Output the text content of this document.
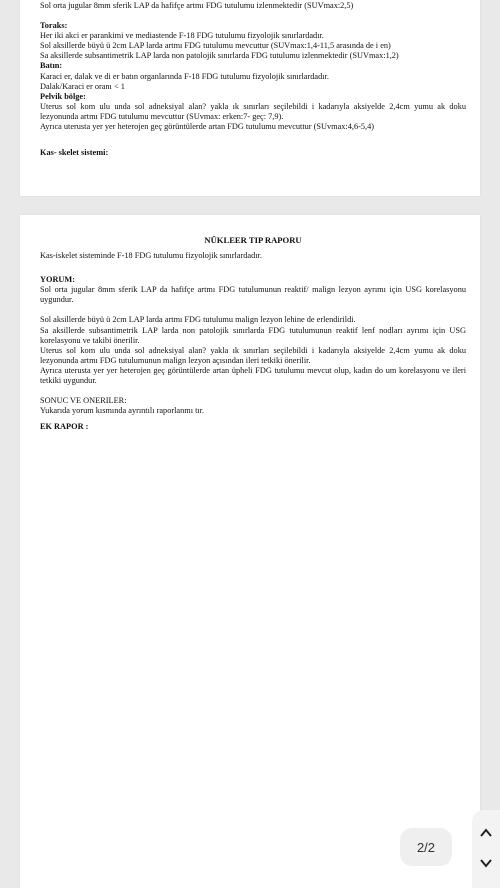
Sol orta jugular 8mm sferik LAP da hafifçe artmı FDG tutulumu izlenmektedir (SUVmax:2,5)

Toraks:

Her iki akci er parankimi ve mediastende F-18 FDG tutulumu fizyolojik sınırlardadır.

Sol aksillerde büyü ü 2cm LAP larda artmı FDG tutulumu mevcuttur (SUVmax:1,4-11,5 arasında de i en)

Sa aksillerde subsantimetrik LAP larda non patolojik sınırlarda FDG tutulumu izlenmektedir (SUVmax:1,2)

Batın:

Karaci er, dalak ve di er batın organlarında F-18 FDG tutulumu fizyolojik sınırlardadır.

Dalak/Karaci er oranı < 1

Pelvik bölge:

Uterus sol kom ulu unda sol adneksiyal alan? yakla ık sınırları seçilebildi i kadarıyla aksiyelde 2,4cm yumu ak doku lezyonunda artmı FDG tutulumu mevcuttur (SUvmax: erken:7- geç: 7,9).

Ayrıca uterusta yer yer heterojen geç görüntülerde artan FDG tutulumu mevcuttur (SUvmax:4,6-5,4)

Kas- skelet sistemi:

NÜKLEER TIP RAPORU

Kas-iskelet sisteminde F-18 FDG tutulumu fizyolojik sınırlardadır.

YORUM:

Sol orta jugular 8mm sferik LAP da hafifçe artmı FDG tutulumunun reaktif/ malign lezyon ayrımı için USG korelasyonu uygundur.

Sol aksillerde büyü ü 2cm LAP larda artmı FDG tutulumu malign lezyon lehine de erlendirildi.

Sa aksillerde subsantimetrik LAP larda non patolojik sınırlarda FDG tutulumunun reaktif lenf nodları ayrımı için USG korelasyonu ve takibi önerilir.

Uterus sol kom ulu unda sol adneksiyal alan? yakla ık sınırları seçilebildi i kadarıyla aksiyelde 2,4cm yumu ak doku lezyonunda artmı FDG tutulumunun malign lezyon açısından ileri tetkiki önerilir.

Ayrıca uterusta yer yer heterojen geç görüntülerde artan üpheli FDG tutulumu mevcut olup, kadın do um korelasyonu ve ileri tetkiki uygundur.

SONUC VE ONERILER:

Yukarıda yorum kısmında ayrıntılı raporlanmı tır.

EK RAPOR :

2/2
